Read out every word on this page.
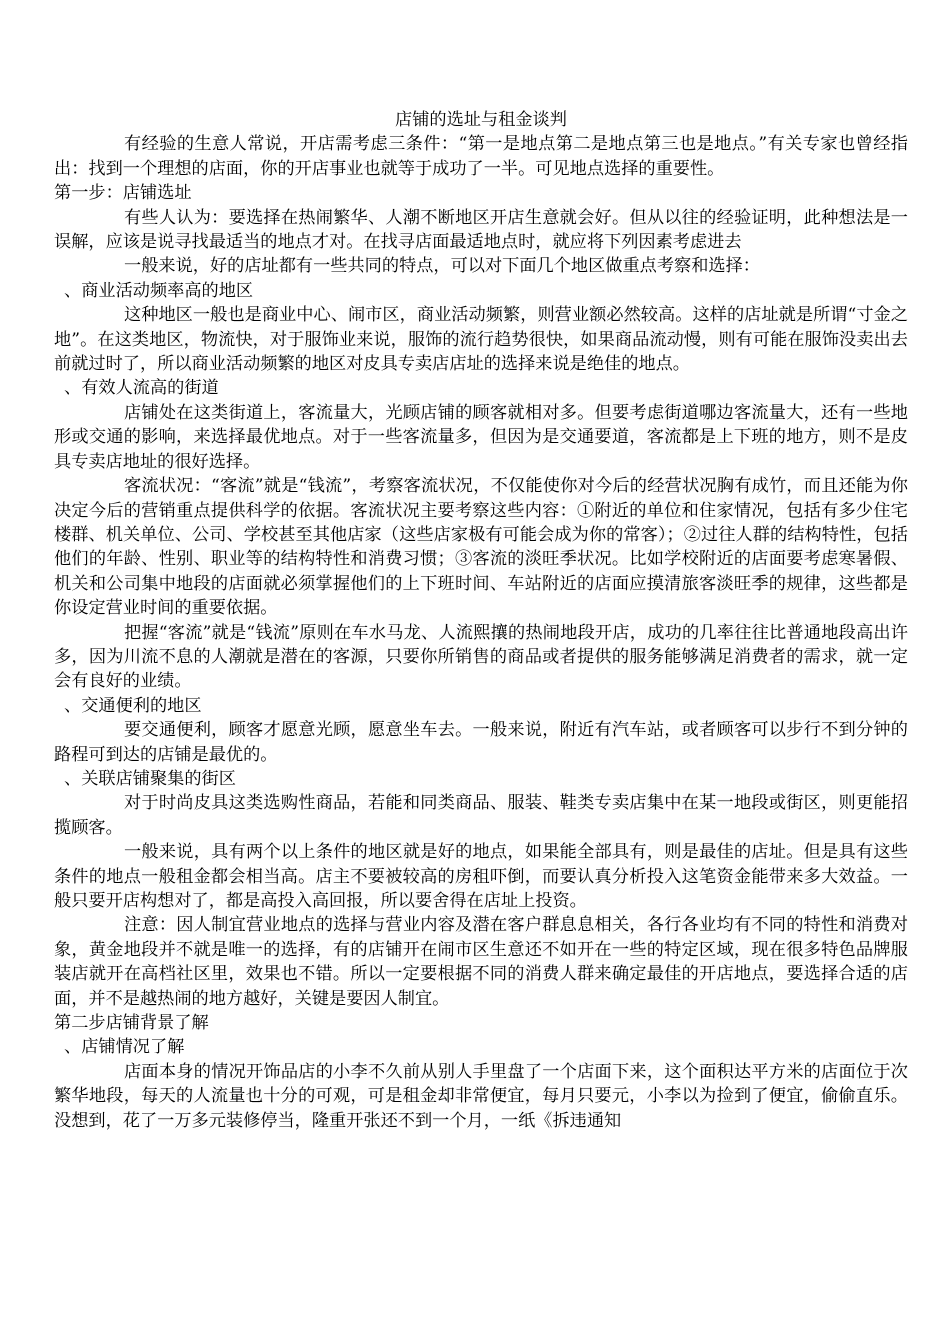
店铺的选址与租金谈判

有经验的生意人常说，开店需考虑三条件：“第一是地点第二是地点第三也是地点。”有关专家也曾经指出：找到一个理想的店面，你的开店事业也就等于成功了一半。可见地点选择的重要性。

第一步：店铺选址

有些人认为：要选择在热闹繁华、人潮不断地区开店生意就会好。但从以往的经验证明，此种想法是一误解，应该是说寻找最适当的地点才对。在找寻店面最适地点时，就应将下列因素考虑进去

一般来说，好的店址都有一些共同的特点，可以对下面几个地区做重点考察和选择：

、商业活动频率高的地区

这种地区一般也是商业中心、闹市区，商业活动频繁，则营业额必然较高。这样的店址就是所谓“寸金之地”。在这类地区，物流快，对于服饰业来说，服饰的流行趋势很快，如果商品流动慢，则有可能在服饰没卖出去前就过时了，所以商业活动频繁的地区对皮具专卖店店址的选择来说是绝佳的地点。

、有效人流高的街道

店铺处在这类街道上，客流量大，光顾店铺的顾客就相对多。但要考虑街道哪边客流量大，还有一些地形或交通的影响，来选择最优地点。对于一些客流量多，但因为是交通要道，客流都是上下班的地方，则不是皮具专卖店地址的很好选择。

客流状况：“客流”就是“钱流”，考察客流状况，不仅能使你对今后的经营状况胸有成竹，而且还能为你决定今后的营销重点提供科学的依据。客流状况主要考察这些内容：①附近的单位和住家情况，包括有多少住宅楼群、机关单位、公司、学校甚至其他店家（这些店家极有可能会成为你的常客）；②过往人群的结构特性，包括他们的年龄、性别、职业等的结构特性和消费习惯；③客流的淡旺季状况。比如学校附近的店面要考虑寒暑假、机关和公司集中地段的店面就必须掌握他们的上下班时间、车站附近的店面应摸清旅客淡旺季的规律，这些都是你设定营业时间的重要依据。

把握“客流”就是“钱流”原则在车水马龙、人流熙攘的热闹地段开店，成功的几率往往比普通地段高出许多，因为川流不息的人潮就是潜在的客源，只要你所销售的商品或者提供的服务能够满足消费者的需求，就一定会有良好的业绩。

、交通便利的地区

要交通便利，顾客才愿意光顾，愿意坐车去。一般来说，附近有汽车站，或者顾客可以步行不到分钟的路程可到达的店铺是最优的。

、关联店铺聚集的街区

对于时尚皮具这类选购性商品，若能和同类商品、服装、鞋类专卖店集中在某一地段或街区，则更能招揽顾客。

一般来说，具有两个以上条件的地区就是好的地点，如果能全部具有，则是最佳的店址。但是具有这些条件的地点一般租金都会相当高。店主不要被较高的房租吓倒，而要认真分析投入这笔资金能带来多大效益。一般只要开店构想对了，都是高投入高回报，所以要舍得在店址上投资。

注意：因人制宜营业地点的选择与营业内容及潜在客户群息息相关，各行各业均有不同的特性和消费对象，黄金地段并不就是唯一的选择，有的店铺开在闹市区生意还不如开在一些的特定区域，现在很多特色品牌服装店就开在高档社区里，效果也不错。所以一定要根据不同的消费人群来确定最佳的开店地点，要选择合适的店面，并不是越热闹的地方越好，关键是要因人制宜。

第二步店铺背景了解

、店铺情况了解

店面本身的情况开饰品店的小李不久前从别人手里盘了一个店面下来，这个面积达平方米的店面位于次繁华地段，每天的人流量也十分的可观，可是租金却非常便宜，每月只要元，小李以为捡到了便宜，偷偷直乐。没想到，花了一万多元装修停当，隆重开张还不到一个月，一纸《拆违通知
